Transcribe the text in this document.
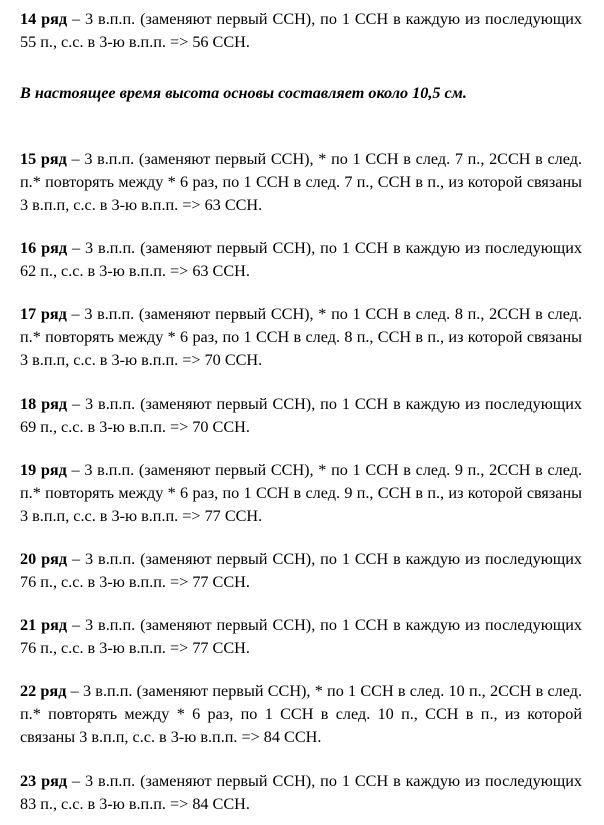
14 ряд – 3 в.п.п. (заменяют первый ССН), по 1 ССН в каждую из последующих 55 п., с.с. в 3-ю в.п.п. => 56 ССН.

В настоящее время высота основы составляет около 10,5 см.

15 ряд – 3 в.п.п. (заменяют первый ССН), * по 1 ССН в след. 7 п., 2ССН в след. п.* повторять между * 6 раз, по 1 ССН в след. 7 п., ССН в п., из которой связаны 3 в.п.п, с.с. в 3-ю в.п.п. => 63 ССН.

16 ряд – 3 в.п.п. (заменяют первый ССН), по 1 ССН в каждую из последующих 62 п., с.с. в 3-ю в.п.п. => 63 ССН.

17 ряд – 3 в.п.п. (заменяют первый ССН), * по 1 ССН в след. 8 п., 2ССН в след. п.* повторять между * 6 раз, по 1 ССН в след. 8 п., ССН в п., из которой связаны 3 в.п.п, с.с. в 3-ю в.п.п. => 70 ССН.

18 ряд – 3 в.п.п. (заменяют первый ССН), по 1 ССН в каждую из последующих 69 п., с.с. в 3-ю в.п.п. => 70 ССН.

19 ряд – 3 в.п.п. (заменяют первый ССН), * по 1 ССН в след. 9 п., 2ССН в след. п.* повторять между * 6 раз, по 1 ССН в след. 9 п., ССН в п., из которой связаны 3 в.п.п, с.с. в 3-ю в.п.п. => 77 ССН.

20 ряд – 3 в.п.п. (заменяют первый ССН), по 1 ССН в каждую из последующих 76 п., с.с. в 3-ю в.п.п. => 77 ССН.

21 ряд – 3 в.п.п. (заменяют первый ССН), по 1 ССН в каждую из последующих 76 п., с.с. в 3-ю в.п.п. => 77 ССН.

22 ряд – 3 в.п.п. (заменяют первый ССН), * по 1 ССН в след. 10 п., 2ССН в след. п.* повторять между * 6 раз, по 1 ССН в след. 10 п., ССН в п., из которой связаны 3 в.п.п, с.с. в 3-ю в.п.п. => 84 ССН.

23 ряд – 3 в.п.п. (заменяют первый ССН), по 1 ССН в каждую из последующих 83 п., с.с. в 3-ю в.п.п. => 84 ССН.
